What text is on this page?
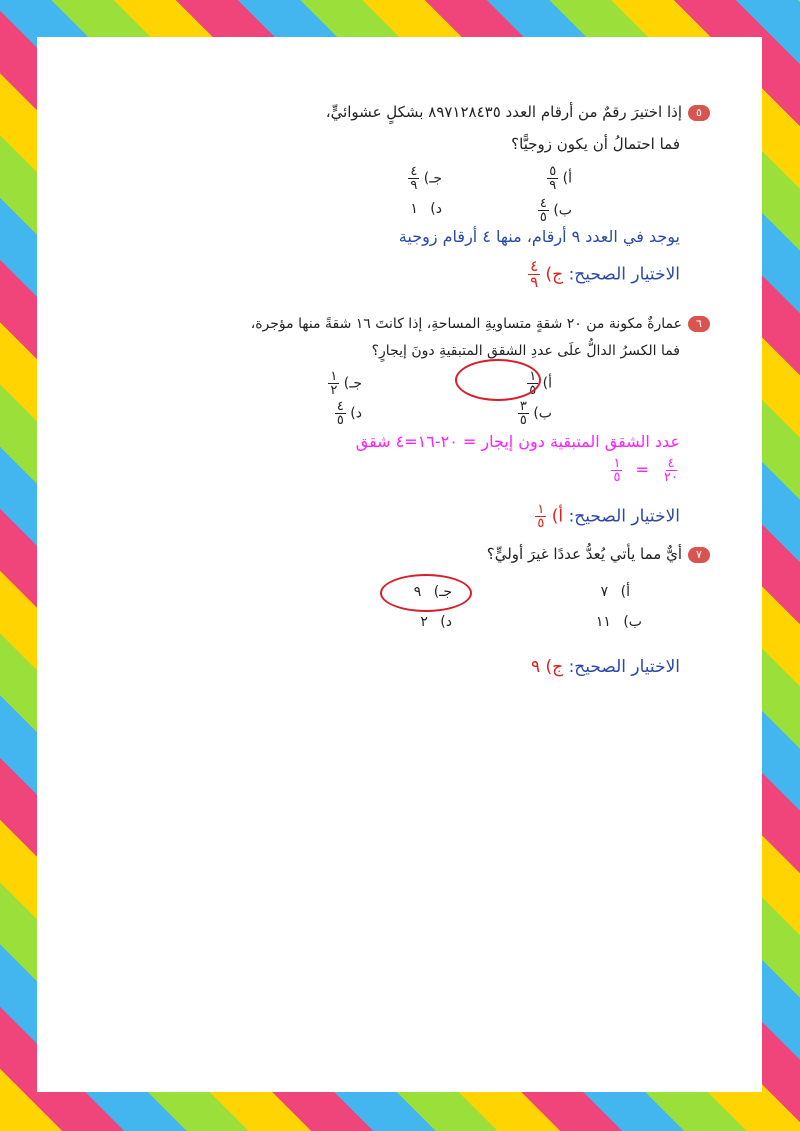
٥إذا اختيرَ رقمٌ من أرقام العدد ٨٩٧١٢٨٤٣٥ بشكلٍ عشوائيٍّ،
فما احتمالُ أن يكون زوجيًّا؟
أ)
$\frac{٥}{٩}$
جـ)
$\frac{٤}{٩}$
ب)
$\frac{٤}{٥}$
د) ١
يوجد في العدد ٩ أرقام، منها ٤ أرقام زوجية
الاختيار الصحيح: ج)
$\frac{٤}{٩}$
٦عمارةٌ مكونة من ٢٠ شقةٍ متساويةِ المساحةِ، إذا كانتَ ١٦ شقةً منها مؤجرة،
فما الكسرُ الدالُّ علَى عددِ الشققِ المتبقيةِ دونَ إيجارٍ؟
أ)
$\frac{١}{٥}$
جـ)
$\frac{١}{٢}$
ب)
$\frac{٣}{٥}$
د)
$\frac{٤}{٥}$
عدد الشقق المتبقية دون إيجار = ٢٠-١٦=٤ شقق
$\frac{٤}{٢٠}$
=
$\frac{١}{٥}$
الاختيار الصحيح: أ)
$\frac{١}{٥}$
٧أيٌّ مما يأتي يُعدُّ عددًا غيرَ أوليٍّ؟
أ) ٧
جـ) ٩
ب) ١١
د) ٢
الاختيار الصحيح: ج) ٩
